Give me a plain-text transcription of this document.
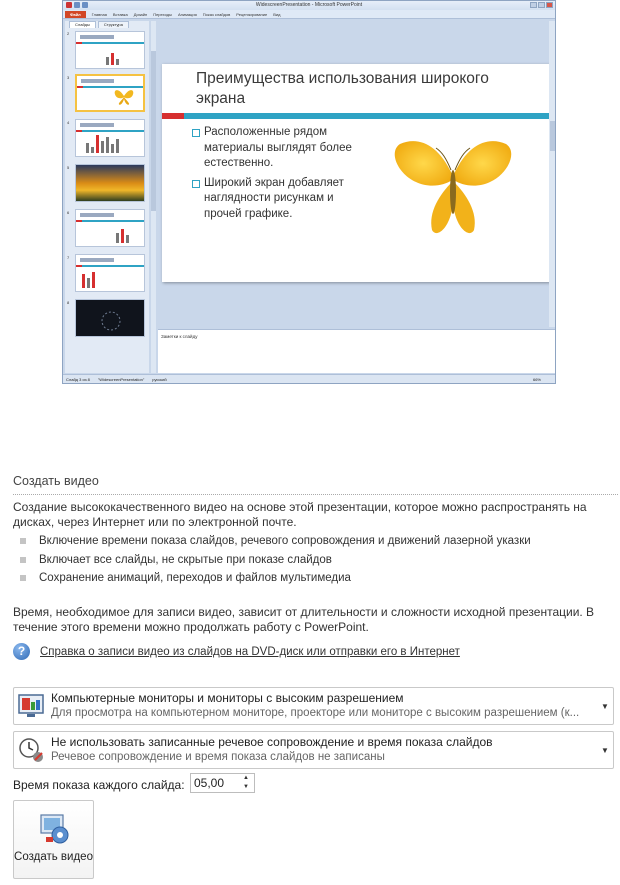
WidescreenPresentation - Microsoft PowerPoint
Файл	Главная Вставка Дизайн Переходы Анимация Показ слайдов Рецензирование Вид
Слайды	Структура
2
3
4
5
6
7
8
Преимущества использования широкого экрана
Расположенные рядом материалы выглядят более естественно.
Широкий экран добавляет наглядности рисункам и прочей графике.
Заметки к слайду
Слайд 3 из 8 "WidescreenPresentation" русский	66%
Создать видео
Создание высококачественного видео на основе этой презентации, которое можно распространять на дисках, через Интернет или по электронной почте.
Включение времени показа слайдов, речевого сопровождения и движений лазерной указки
Включает все слайды, не скрытые при показе слайдов
Сохранение анимаций, переходов и файлов мультимедиа
Время, необходимое для записи видео, зависит от длительности и сложности исходной презентации. В течение этого времени можно продолжать работу с PowerPoint.
?	Справка о записи видео из слайдов на DVD-диск или отправки его в Интернет
Компьютерные мониторы и мониторы с высоким разрешением
Для просмотра на компьютерном мониторе, проекторе или мониторе с высоким разрешением (к...
▼
Не использовать записанные речевое сопровождение и время показа слайдов
Речевое сопровождение и время показа слайдов не записаны
▼
Время показа каждого слайда:
05,00	▲
▼
Создать видео
